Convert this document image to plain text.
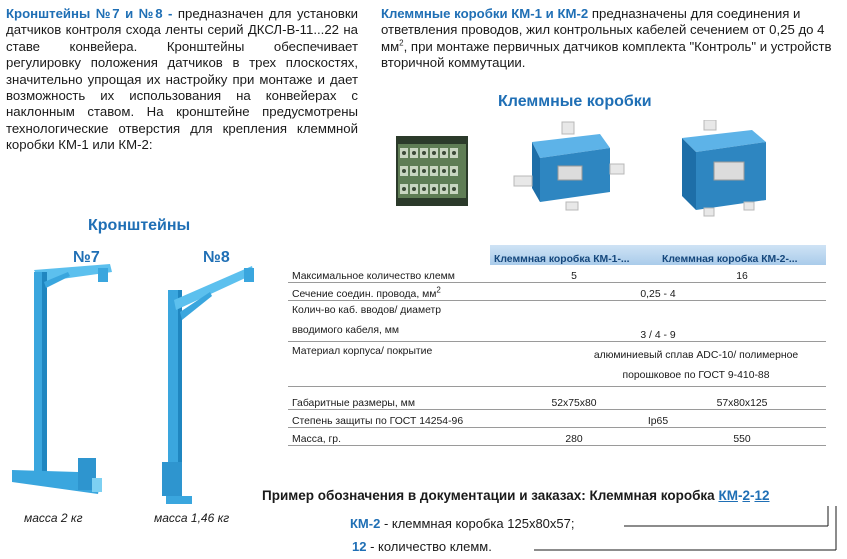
Кронштейны №7 и №8 - предназначен для установки датчиков контроля схода ленты серий ДКСЛ-В-11...22 на ставе конвейера. Кронштейны обеспечивает регулировку положения датчиков в трех плоскостях, значительно упрощая их настройку при монтаже и дает возможность их использования на конвейерах с наклонным ставом. На кронштейне предусмотрены технологические отверстия для крепления клеммной коробки КМ-1 или КМ-2:
Клеммные коробки КМ-1 и КМ-2 предназначены для соединения и ответвления проводов, жил контрольных кабелей сечением от 0,25 до 4 $мм^2$, при монтаже первичных датчиков комплекта "Контроль" и устройств вторичной коммутации.
Клеммные коробки
Кронштейны
№7	№8
масса 2 кг	масса 1,46 кг
	Клеммная коробка КМ-1-...	Клеммная коробка КМ-2-...
Максимальное количество клемм	5	16
Сечение соедин. провода, $мм^2$	0,25 - 4	

Колич-во каб. вводов/ диаметр
вводимого кабеля, мм	3 / 4 - 9	
Материал корпуса/ покрытие	алюминиевый сплав ADC-10/ полимерное
порошковое по ГОСТ 9-410-88	

Габаритные размеры, мм	52x75x80	57x80x125
Степень защиты по ГОСТ 14254-96	Ip65	
Масса, гр.	280	550
Пример обозначения в документации и заказах: Клеммная коробка КМ-2-12
КМ-2 - клеммная коробка 125x80x57;
12 - количество клемм.
